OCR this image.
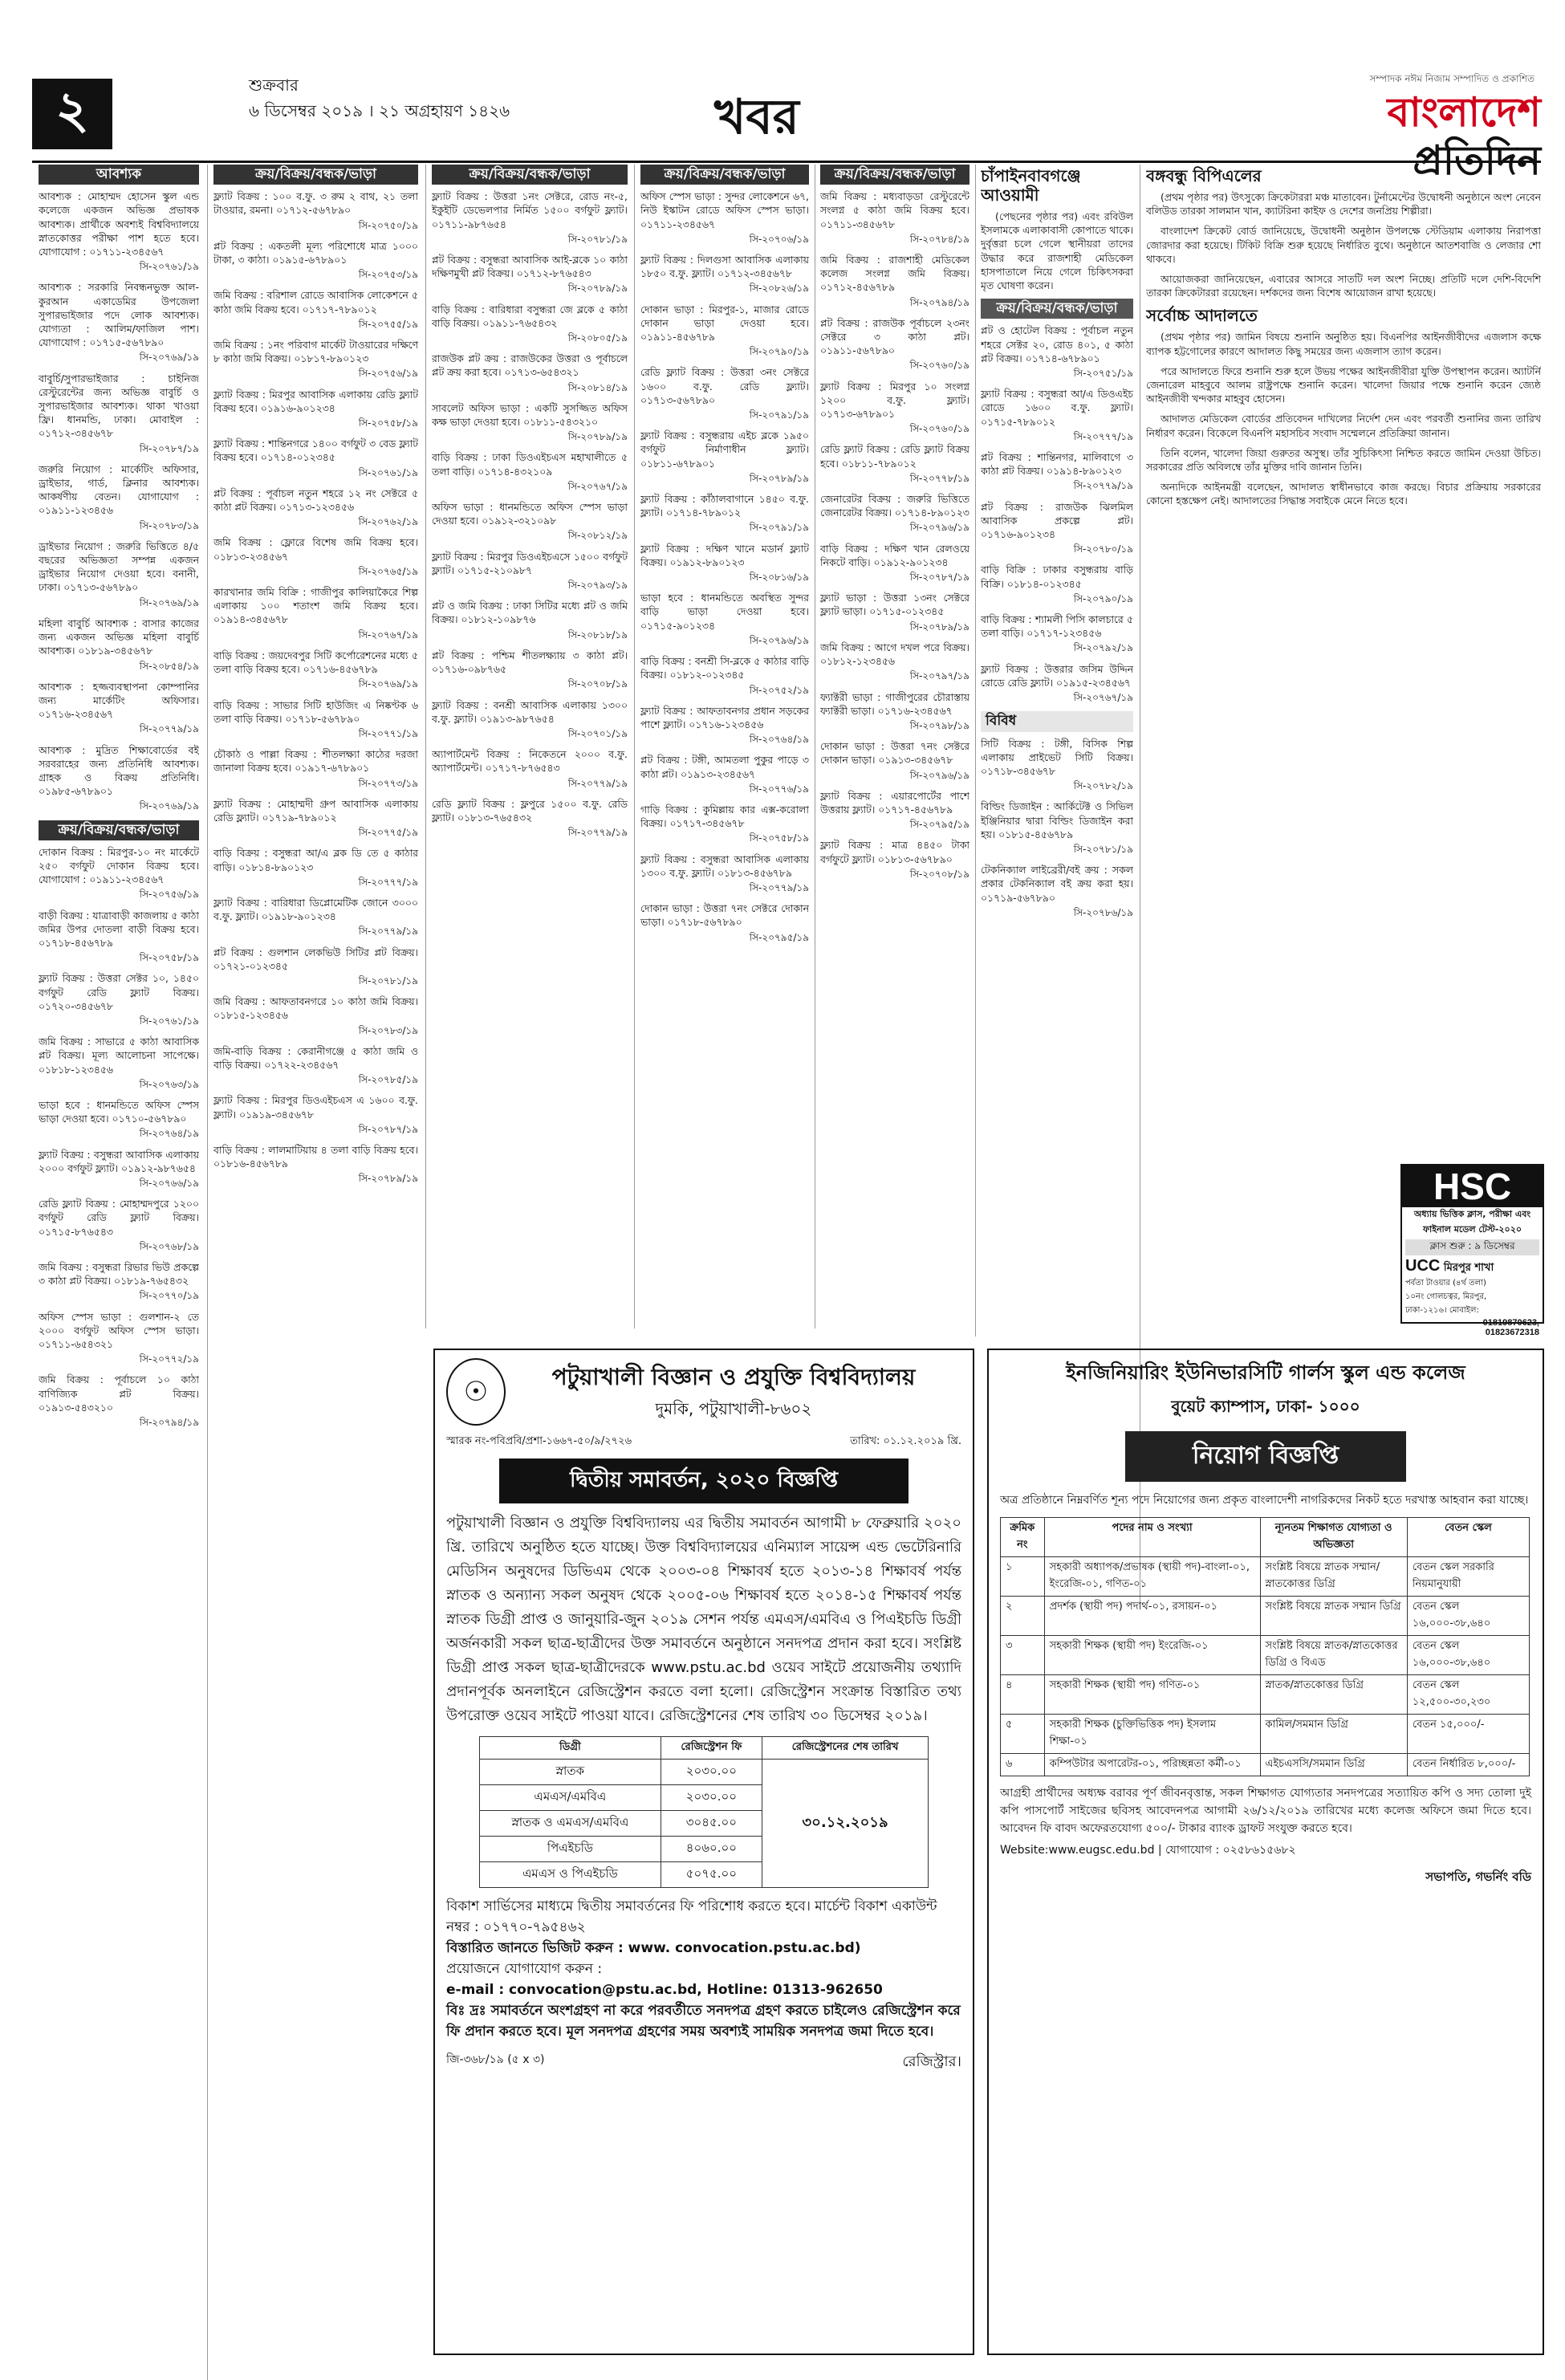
২	শুক্রবার
৬ ডিসেম্বর ২০১৯ । ২১ অগ্রহায়ণ ১৪২৬	খবর
সম্পাদক নঈম নিজাম সম্পাদিত ও প্রকাশিত
বাংলাদেশ প্রতিদিন
আবশ্যক
আবশ্যক : মোহাম্মদ হোসেন স্কুল এন্ড কলেজে একজন অভিজ্ঞ প্রভাষক আবশ্যক। প্রার্থীকে অবশ্যই বিশ্ববিদ্যালয়ে স্নাতকোত্তর পরীক্ষা পাশ হতে হবে। যোগাযোগ : ০১৭১১-২৩৪৫৬৭
সি-২০৭৬১/১৯
আবশ্যক : সরকারি নিবন্ধনভুক্ত আল-কুরআন একাডেমির উপজেলা সুপারভাইজার পদে লোক আবশ্যক। যোগ্যতা : আলিম/ফাজিল পাশ। যোগাযোগ : ০১৭১৫-৫৬৭৮৯০
সি-২০৭৬৯/১৯
বাবুর্চি/সুপারভাইজার : চাইনিজ রেস্টুরেন্টের জন্য অভিজ্ঞ বাবুর্চি ও সুপারভাইজার আবশ্যক। থাকা খাওয়া ফ্রি। ধানমন্ডি, ঢাকা। মোবাইল : ০১৭১২-৩৪৫৬৭৮
সি-২০৭৮৭/১৯
জরুরি নিয়োগ : মার্কেটিং অফিসার, ড্রাইভার, গার্ড, ক্লিনার আবশ্যক। আকর্ষণীয় বেতন। যোগাযোগ : ০১৯১১-১২৩৪৫৬
সি-২০৭৮৩/১৯
ড্রাইভার নিয়োগ : জরুরি ভিত্তিতে ৪/৫ বছরের অভিজ্ঞতা সম্পন্ন একজন ড্রাইভার নিয়োগ দেওয়া হবে। বনানী, ঢাকা। ০১৭১৩-৫৬৭৮৯০
সি-২০৭৬৯/১৯
মহিলা বাবুর্চি আবশ্যক : বাসার কাজের জন্য একজন অভিজ্ঞ মহিলা বাবুর্চি আবশ্যক। ০১৮১৯-৩৪৫৬৭৮
সি-২০৮৫৪/১৯
আবশ্যক : হজ্জব্যবস্থাপনা কোম্পানির জন্য মার্কেটিং অফিসার। ০১৭১৬-২৩৪৫৬৭
সি-২০৭৭৯/১৯
আবশ্যক : মুদ্রিত শিক্ষাবোর্ডের বই সরবরাহের জন্য প্রতিনিধি আবশ্যক। গ্রাহক ও বিক্রয় প্রতিনিধি। ০১৯৮৫-৬৭৮৯০১
সি-২০৭৬৯/১৯
ক্রয়/বিক্রয়/বন্ধক/ভাড়া
দোকান বিক্রয় : মিরপুর-১০ নং মার্কেটে ২৫০ বর্গফুট দোকান বিক্রয় হবে। যোগাযোগ : ০১৯১১-২৩৪৫৬৭
সি-২০৭৫৬/১৯
বাড়ী বিক্রয় : যাত্রাবাড়ী কাজলায় ৫ কাঠা জমির উপর দোতলা বাড়ী বিক্রয় হবে। ০১৭১৮-৪৫৬৭৮৯
সি-২০৭৫৮/১৯
ফ্ল্যাট বিক্রয় : উত্তরা সেক্টর ১০, ১৪৫০ বর্গফুট রেডি ফ্ল্যাট বিক্রয়। ০১৭২০-৩৪৫৬৭৮
সি-২০৭৬১/১৯
জমি বিক্রয় : সাভারে ৫ কাঠা আবাসিক প্লট বিক্রয়। মূল্য আলোচনা সাপেক্ষে। ০১৮১৮-১২৩৪৫৬
সি-২০৭৬৩/১৯
ভাড়া হবে : ধানমন্ডিতে অফিস স্পেস ভাড়া দেওয়া হবে। ০১৭১০-৫৬৭৮৯০
সি-২০৭৬৪/১৯
ফ্ল্যাট বিক্রয় : বসুন্ধরা আবাসিক এলাকায় ২০০০ বর্গফুট ফ্ল্যাট। ০১৯১২-৯৮৭৬৫৪
সি-২০৭৬৬/১৯
রেডি ফ্ল্যাট বিক্রয় : মোহাম্মদপুরে ১২০০ বর্গফুট রেডি ফ্ল্যাট বিক্রয়। ০১৭১৫-৮৭৬৫৪৩
সি-২০৭৬৮/১৯
জমি বিক্রয় : বসুন্ধরা রিভার ভিউ প্রকল্পে ৩ কাঠা প্লট বিক্রয়। ০১৮১৯-৭৬৫৪৩২
সি-২০৭৭০/১৯
অফিস স্পেস ভাড়া : গুলশান-২ তে ২০০০ বর্গফুট অফিস স্পেস ভাড়া। ০১৭১১-৬৫৪৩২১
সি-২০৭৭২/১৯
জমি বিক্রয় : পূর্বাচলে ১০ কাঠা বাণিজ্যিক প্লট বিক্রয়। ০১৯১৩-৫৪৩২১০
সি-২০৭৯৪/১৯
ক্রয়/বিক্রয়/বন্ধক/ভাড়া
ফ্ল্যাট বিক্রয় : ১০০ ব.ফু. ৩ রুম ২ বাথ, ২১ তলা টাওয়ার, রমনা। ০১৭১২-৫৬৭৮৯০
সি-২০৭৫০/১৯
প্লট বিক্রয় : একতলী মূল্য পরিশোধে মাত্র ১০০০ টাকা, ৩ কাঠা। ০১৯১৫-৬৭৮৯০১
সি-২০৭৫৩/১৯
জমি বিক্রয় : বরিশাল রোডে আবাসিক লোকেশনে ৫ কাঠা জমি বিক্রয় হবে। ০১৭১৭-৭৮৯০১২
সি-২০৭৫৫/১৯
জমি বিক্রয় : ১নং পরিবাগ মার্কেট টাওয়ারের দক্ষিণে ৮ কাঠা জমি বিক্রয়। ০১৮১৭-৮৯০১২৩
সি-২০৭৫৬/১৯
ফ্ল্যাট বিক্রয় : মিরপুর আবাসিক এলাকায় রেডি ফ্ল্যাট বিক্রয় হবে। ০১৯১৬-৯০১২৩৪
সি-২০৭৫৮/১৯
ফ্ল্যাট বিক্রয় : শান্তিনগরে ১৪০০ বর্গফুট ৩ বেড ফ্ল্যাট বিক্রয় হবে। ০১৭১৪-০১২৩৪৫
সি-২০৭৬১/১৯
প্লট বিক্রয় : পূর্বাচল নতুন শহরে ১২ নং সেক্টরে ৫ কাঠা প্লট বিক্রয়। ০১৭১৩-১২৩৪৫৬
সি-২০৭৬২/১৯
জমি বিক্রয় : ফ্লোরে বিশেষ জমি বিক্রয় হবে। ০১৮১৩-২৩৪৫৬৭
সি-২০৭৬৫/১৯
কারখানার জমি বিক্রি : গাজীপুর কালিয়াকৈরে শিল্প এলাকায় ১০০ শতাংশ জমি বিক্রয় হবে। ০১৯১৪-৩৪৫৬৭৮
সি-২০৭৬৭/১৯
বাড়ি বিক্রয় : জয়দেবপুর সিটি কর্পোরেশনের মধ্যে ৫ তলা বাড়ি বিক্রয় হবে। ০১৭১৬-৪৫৬৭৮৯
সি-২০৭৬৯/১৯
বাড়ি বিক্রয় : সাভার সিটি হাউজিং এ নিষ্কণ্টক ৬ তলা বাড়ি বিক্রয়। ০১৭১৮-৫৬৭৮৯০
সি-২০৭৭১/১৯
চৌকাঠ ও পাল্লা বিক্রয় : শীতলক্ষ্যা কাঠের দরজা জানালা বিক্রয় হবে। ০১৯১৭-৬৭৮৯০১
সি-২০৭৭৩/১৯
ফ্ল্যাট বিক্রয় : মোহাম্মদী গ্রুপ আবাসিক এলাকায় রেডি ফ্ল্যাট। ০১৭১৯-৭৮৯০১২
সি-২০৭৭৫/১৯
বাড়ি বিক্রয় : বসুন্ধরা আ/এ ব্লক ডি তে ৫ কাঠার বাড়ি। ০১৮১৪-৮৯০১২৩
সি-২০৭৭৭/১৯
ফ্ল্যাট বিক্রয় : বারিধারা ডিপ্লোমেটিক জোনে ৩০০০ ব.ফু. ফ্ল্যাট। ০১৯১৮-৯০১২৩৪
সি-২০৭৭৯/১৯
প্লট বিক্রয় : গুলশান লেকভিউ সিটির প্লট বিক্রয়। ০১৭২১-০১২৩৪৫
সি-২০৭৮১/১৯
জমি বিক্রয় : আফতাবনগরে ১০ কাঠা জমি বিক্রয়। ০১৮১৫-১২৩৪৫৬
সি-২০৭৮৩/১৯
জমি-বাড়ি বিক্রয় : কেরানীগঞ্জে ৫ কাঠা জমি ও বাড়ি বিক্রয়। ০১৭২২-২৩৪৫৬৭
সি-২০৭৮৫/১৯
ফ্ল্যাট বিক্রয় : মিরপুর ডিওএইচএস এ ১৬০০ ব.ফু. ফ্ল্যাট। ০১৯১৯-৩৪৫৬৭৮
সি-২০৭৮৭/১৯
বাড়ি বিক্রয় : লালমাটিয়ায় ৪ তলা বাড়ি বিক্রয় হবে। ০১৮১৬-৪৫৬৭৮৯
সি-২০৭৮৯/১৯
ক্রয়/বিক্রয়/বন্ধক/ভাড়া
ফ্ল্যাট বিক্রয় : উত্তরা ১নং সেক্টরে, রোড নং-৫, ইকুইটি ডেভেলপার নির্মিত ১৫০০ বর্গফুট ফ্ল্যাট। ০১৭১১-৯৮৭৬৫৪
সি-২০৭৮১/১৯
প্লট বিক্রয় : বসুন্ধরা আবাসিক আই-ব্লকে ১০ কাঠা দক্ষিণমুখী প্লট বিক্রয়। ০১৭১২-৮৭৬৫৪৩
সি-২০৭৮৯/১৯
বাড়ি বিক্রয় : বারিধারা বসুন্ধরা জে ব্লকে ৫ কাঠা বাড়ি বিক্রয়। ০১৯১১-৭৬৫৪৩২
সি-২০৮০৫/১৯
রাজউক প্লট ক্রয় : রাজউকের উত্তরা ও পূর্বাচলে প্লট ক্রয় করা হবে। ০১৭১৩-৬৫৪৩২১
সি-২০৮১৪/১৯
সাবলেট অফিস ভাড়া : একটি সুসজ্জিত অফিস কক্ষ ভাড়া দেওয়া হবে। ০১৮১১-৫৪৩২১০
সি-২০৭৮৯/১৯
বাড়ি বিক্রয় : ঢাকা ডিওএইচএস মহাখালীতে ৫ তলা বাড়ি। ০১৭১৪-৪৩২১০৯
সি-২০৭৬৭/১৯
অফিস ভাড়া : ধানমন্ডিতে অফিস স্পেস ভাড়া দেওয়া হবে। ০১৯১২-৩২১০৯৮
সি-২০৮১২/১৯
ফ্ল্যাট বিক্রয় : মিরপুর ডিওএইচএসে ১৫০০ বর্গফুট ফ্ল্যাট। ০১৭১৫-২১০৯৮৭
সি-২০৭৯৩/১৯
প্লট ও জমি বিক্রয় : ঢাকা সিটির মধ্যে প্লট ও জমি বিক্রয়। ০১৮১২-১০৯৮৭৬
সি-২০৮১৮/১৯
প্লট বিক্রয় : পশ্চিম শীতলক্ষ্যায় ৩ কাঠা প্লট। ০১৭১৬-০৯৮৭৬৫
সি-২০৭০৮/১৯
ফ্ল্যাট বিক্রয় : বনশ্রী আবাসিক এলাকায় ১৩০০ ব.ফু. ফ্ল্যাট। ০১৯১৩-৯৮৭৬৫৪
সি-২০৭০১/১৯
অ্যাপার্টমেন্ট বিক্রয় : নিকেতনে ২০০০ ব.ফু. অ্যাপার্টমেন্ট। ০১৭১৭-৮৭৬৫৪৩
সি-২০৭৭৯/১৯
রেডি ফ্ল্যাট বিক্রয় : ফ্লপুরে ১৫০০ ব.ফু. রেডি ফ্ল্যাট। ০১৮১৩-৭৬৫৪৩২
সি-২০৭৭৯/১৯
ক্রয়/বিক্রয়/বন্ধক/ভাড়া
অফিস স্পেস ভাড়া : সুন্দর লোকেশনে ৬৭, নিউ ইস্কাটন রোডে অফিস স্পেস ভাড়া। ০১৭১১-২৩৪৫৬৭
সি-২০৭০৬/১৯
ফ্ল্যাট বিক্রয় : দিলগুসা আবাসিক এলাকায় ১৮৫০ ব.ফু. ফ্ল্যাট। ০১৭১২-৩৪৫৬৭৮
সি-২০৮২৬/১৯
দোকান ভাড়া : মিরপুর-১, মাজার রোডে দোকান ভাড়া দেওয়া হবে। ০১৯১১-৪৫৬৭৮৯
সি-২০৭৯০/১৯
রেডি ফ্ল্যাট বিক্রয় : উত্তরা ৩নং সেক্টরে ১৬০০ ব.ফু. রেডি ফ্ল্যাট। ০১৭১৩-৫৬৭৮৯০
সি-২০৭৯১/১৯
ফ্ল্যাট বিক্রয় : বসুন্ধরায় এইচ ব্লকে ১৯৫০ বর্গফুট নির্মাণাধীন ফ্ল্যাট। ০১৮১১-৬৭৮৯০১
সি-২০৭৮৯/১৯
ফ্ল্যাট বিক্রয় : কাঁঠালবাগানে ১৪৫০ ব.ফু. ফ্ল্যাট। ০১৭১৪-৭৮৯০১২
সি-২০৭৯১/১৯
ফ্ল্যাট বিক্রয় : দক্ষিণ খানে মডার্ন ফ্ল্যাট বিক্রয়। ০১৯১২-৮৯০১২৩
সি-২০৮১৬/১৯
ভাড়া হবে : ধানমন্ডিতে অবস্থিত সুন্দর বাড়ি ভাড়া দেওয়া হবে। ০১৭১৫-৯০১২৩৪
সি-২০৭৯৬/১৯
বাড়ি বিক্রয় : বনশ্রী সি-ব্লকে ৫ কাঠার বাড়ি বিক্রয়। ০১৮১২-০১২৩৪৫
সি-২০৭৫২/১৯
ফ্ল্যাট বিক্রয় : আফতাবনগর প্রধান সড়কের পাশে ফ্ল্যাট। ০১৭১৬-১২৩৪৫৬
সি-২০৭৬৪/১৯
প্লট বিক্রয় : টঙ্গী, আমতলা পুকুর পাড়ে ৩ কাঠা প্লট। ০১৯১৩-২৩৪৫৬৭
সি-২০৭৭৬/১৯
গাড়ি বিক্রয় : কুমিল্লায় কার এক্স-করোলা বিক্রয়। ০১৭১৭-৩৪৫৬৭৮
সি-২০৭৫৮/১৯
ফ্ল্যাট বিক্রয় : বসুন্ধরা আবাসিক এলাকায় ১৩০০ ব.ফু. ফ্ল্যাট। ০১৮১৩-৪৫৬৭৮৯
সি-২০৭৭৯/১৯
দোকান ভাড়া : উত্তরা ৭নং সেক্টরে দোকান ভাড়া। ০১৭১৮-৫৬৭৮৯০
সি-২০৭৯৫/১৯
ক্রয়/বিক্রয়/বন্ধক/ভাড়া
জমি বিক্রয় : মধ্যবাড়ডা রেস্টুরেন্টে সংলগ্ন ৫ কাঠা জমি বিক্রয় হবে। ০১৭১১-৩৪৫৬৭৮
সি-২০৭৮৪/১৯
জমি বিক্রয় : রাজশাহী মেডিকেল কলেজ সংলগ্ন জমি বিক্রয়। ০১৭১২-৪৫৬৭৮৯
সি-২০৭৯৪/১৯
প্লট বিক্রয় : রাজউক পূর্বাচলে ২৩নং সেক্টরে ৩ কাঠা প্লট। ০১৯১১-৫৬৭৮৯০
সি-২০৭৬০/১৯
ফ্ল্যাট বিক্রয় : মিরপুর ১০ সংলগ্ন ১২০০ ব.ফু. ফ্ল্যাট। ০১৭১৩-৬৭৮৯০১
সি-২০৭৬০/১৯
রেডি ফ্ল্যাট বিক্রয় : রেডি ফ্ল্যাট বিক্রয় হবে। ০১৮১১-৭৮৯০১২
সি-২০৭৭৮/১৯
জেনারেটর বিক্রয় : জরুরি ভিত্তিতে জেনারেটর বিক্রয়। ০১৭১৪-৮৯০১২৩
সি-২০৭৯৬/১৯
বাড়ি বিক্রয় : দক্ষিণ খান রেলওয়ে নিকটে বাড়ি। ০১৯১২-৯০১২৩৪
সি-২০৭৮৭/১৯
ফ্ল্যাট ভাড়া : উত্তরা ১৩নং সেক্টরে ফ্ল্যাট ভাড়া। ০১৭১৫-০১২৩৪৫
সি-২০৭৮৯/১৯
জমি বিক্রয় : আগে দখল পরে বিক্রয়। ০১৮১২-১২৩৪৫৬
সি-২০৭৯৭/১৯
ফ্যাক্টরী ভাড়া : গাজীপুরের চৌরাস্তায় ফ্যাক্টরী ভাড়া। ০১৭১৬-২৩৪৫৬৭
সি-২০৭৯৮/১৯
দোকান ভাড়া : উত্তরা ৭নং সেক্টরে দোকান ভাড়া। ০১৯১৩-৩৪৫৬৭৮
সি-২০৭৯৬/১৯
ফ্ল্যাট বিক্রয় : এয়ারপোর্টের পাশে উত্তরায় ফ্ল্যাট। ০১৭১৭-৪৫৬৭৮৯
সি-২০৭৯৫/১৯
ফ্ল্যাট বিক্রয় : মাত্র ৪৪৫০ টাকা বর্গফুটে ফ্ল্যাট। ০১৮১৩-৫৬৭৮৯০
সি-২০৭০৮/১৯
চাঁপাইনবাবগঞ্জে আওয়ামী
(পেছনের পৃষ্ঠার পর) এবং রবিউল ইসলামকে এলাকাবাসী কোপাতে থাকে। দুর্বৃত্তরা চলে গেলে স্থানীয়রা তাদের উদ্ধার করে রাজশাহী মেডিকেল হাসপাতালে নিয়ে গেলে চিকিৎসকরা মৃত ঘোষণা করেন।
ক্রয়/বিক্রয়/বন্ধক/ভাড়া
প্লট ও হোটেল বিক্রয় : পূর্বাচল নতুন শহরে সেক্টর ২০, রোড ৪০১, ৫ কাঠা প্লট বিক্রয়। ০১৭১৪-৬৭৮৯০১
সি-২০৭৫১/১৯
ফ্ল্যাট বিক্রয় : বসুন্ধরা আ/এ ডিওএইচ রোডে ১৬০০ ব.ফু. ফ্ল্যাট। ০১৭১৫-৭৮৯০১২
সি-২০৭৭৭/১৯
প্লট বিক্রয় : শান্তিনগর, মালিবাগে ৩ কাঠা প্লট বিক্রয়। ০১৯১৪-৮৯০১২৩
সি-২০৭৭৯/১৯
প্লট বিক্রয় : রাজউক ঝিলমিল আবাসিক প্রকল্পে প্লট। ০১৭১৬-৯০১২৩৪
সি-২০৭৮০/১৯
বাড়ি বিক্রি : ঢাকার বসুন্ধরায় বাড়ি বিক্রি। ০১৮১৪-০১২৩৪৫
সি-২০৭৯০/১৯
বাড়ি বিক্রয় : শ্যামলী পিসি কালচারে ৫ তলা বাড়ি। ০১৭১৭-১২৩৪৫৬
সি-২০৭৯২/১৯
ফ্ল্যাট বিক্রয় : উত্তরার জসিম উদ্দিন রোডে রেডি ফ্ল্যাট। ০১৯১৫-২৩৪৫৬৭
সি-২০৭৬৭/১৯
বিবিধ
সিটি বিক্রয় : টঙ্গী, বিসিক শিল্প এলাকায় প্রাইভেট সিটি বিক্রয়। ০১৭১৮-৩৪৫৬৭৮
সি-২০৭৮২/১৯
বিল্ডিং ডিজাইন : আর্কিটেক্ট ও সিভিল ইঞ্জিনিয়ার দ্বারা বিল্ডিং ডিজাইন করা হয়। ০১৮১৫-৪৫৬৭৮৯
সি-২০৭৮১/১৯
টেকনিক্যাল লাইব্রেরী/বই ক্রয় : সকল প্রকার টেকনিক্যাল বই ক্রয় করা হয়। ০১৭১৯-৫৬৭৮৯০
সি-২০৭৮৬/১৯
বঙ্গবন্ধু বিপিএলের
(প্রথম পৃষ্ঠার পর) উৎসুক্যে ক্রিকেটাররা মঞ্চ মাতাবেন। টুর্নামেন্টের উদ্বোধনী অনুষ্ঠানে অংশ নেবেন বলিউড তারকা সালমান খান, ক্যাটরিনা কাইফ ও দেশের জনপ্রিয় শিল্পীরা।
বাংলাদেশ ক্রিকেট বোর্ড জানিয়েছে, উদ্বোধনী অনুষ্ঠান উপলক্ষে স্টেডিয়াম এলাকায় নিরাপত্তা জোরদার করা হয়েছে। টিকিট বিক্রি শুরু হয়েছে নির্ধারিত বুথে। অনুষ্ঠানে আতশবাজি ও লেজার শো থাকবে।
আয়োজকরা জানিয়েছেন, এবারের আসরে সাতটি দল অংশ নিচ্ছে। প্রতিটি দলে দেশি-বিদেশি তারকা ক্রিকেটাররা রয়েছেন। দর্শকদের জন্য বিশেষ আয়োজন রাখা হয়েছে।
সর্বোচ্চ আদালতে
(প্রথম পৃষ্ঠার পর) জামিন বিষয়ে শুনানি অনুষ্ঠিত হয়। বিএনপির আইনজীবীদের এজলাস কক্ষে ব্যাপক হট্টগোলের কারণে আদালত কিছু সময়ের জন্য এজলাস ত্যাগ করেন।
পরে আদালতে ফিরে শুনানি শুরু হলে উভয় পক্ষের আইনজীবীরা যুক্তি উপস্থাপন করেন। অ্যাটর্নি জেনারেল মাহবুবে আলম রাষ্ট্রপক্ষে শুনানি করেন। খালেদা জিয়ার পক্ষে শুনানি করেন জ্যেষ্ঠ আইনজীবী খন্দকার মাহবুব হোসেন।
আদালত মেডিকেল বোর্ডের প্রতিবেদন দাখিলের নির্দেশ দেন এবং পরবর্তী শুনানির জন্য তারিখ নির্ধারণ করেন। বিকেলে বিএনপি মহাসচিব সংবাদ সম্মেলনে প্রতিক্রিয়া জানান।
তিনি বলেন, খালেদা জিয়া গুরুতর অসুস্থ। তাঁর সুচিকিৎসা নিশ্চিত করতে জামিন দেওয়া উচিত। সরকারের প্রতি অবিলম্বে তাঁর মুক্তির দাবি জানান তিনি।
অন্যদিকে আইনমন্ত্রী বলেছেন, আদালত স্বাধীনভাবে কাজ করছে। বিচার প্রক্রিয়ায় সরকারের কোনো হস্তক্ষেপ নেই। আদালতের সিদ্ধান্ত সবাইকে মেনে নিতে হবে।
HSC
অধ্যায় ভিত্তিক ক্লাস, পরীক্ষা এবং
ফাইনাল মডেল টেস্ট-২০২০
ক্লাস শুরু : ৯ ডিসেম্বর
UCC মিরপুর শাখা
পর্বতা টাওয়ার (৪র্থ তলা)
১০নং গোলচত্বর, মিরপুর,
ঢাকা-১২১৬। মোবাইল:
01819870623,
01823672318
☉	পটুয়াখালী বিজ্ঞান ও প্রযুক্তি বিশ্ববিদ্যালয়
দুমকি, পটুয়াখালী-৮৬০২
স্মারক নং-পবিপ্রবি/প্রশা-১৬৬৭-৫০/৯/২৭২৬	তারিখ: ০১.১২.২০১৯ খ্রি.
দ্বিতীয় সমাবর্তন, ২০২০ বিজ্ঞপ্তি
পটুয়াখালী বিজ্ঞান ও প্রযুক্তি বিশ্ববিদ্যালয় এর দ্বিতীয় সমাবর্তন আগামী ৮ ফেব্রুয়ারি ২০২০ খ্রি. তারিখে অনুষ্ঠিত হতে যাচ্ছে। উক্ত বিশ্ববিদ্যালয়ের এনিম্যাল সায়েন্স এন্ড ভেটেরিনারি মেডিসিন অনুষদের ডিভিএম থেকে ২০০৩-০৪ শিক্ষাবর্ষ হতে ২০১৩-১৪ শিক্ষাবর্ষ পর্যন্ত স্নাতক ও অন্যান্য সকল অনুষদ থেকে ২০০৫-০৬ শিক্ষাবর্ষ হতে ২০১৪-১৫ শিক্ষাবর্ষ পর্যন্ত স্নাতক ডিগ্রী প্রাপ্ত ও জানুয়ারি-জুন ২০১৯ সেশন পর্যন্ত এমএস/এমবিএ ও পিএইচডি ডিগ্রী অর্জনকারী সকল ছাত্র-ছাত্রীদের উক্ত সমাবর্তনে অনুষ্ঠানে সনদপত্র প্রদান করা হবে। সংশ্লিষ্ট ডিগ্রী প্রাপ্ত সকল ছাত্র-ছাত্রীদেরকে www.pstu.ac.bd ওয়েব সাইটে প্রয়োজনীয় তথ্যাদি প্রদানপূর্বক অনলাইনে রেজিস্ট্রেশন করতে বলা হলো। রেজিস্ট্রেশন সংক্রান্ত বিস্তারিত তথ্য উপরোক্ত ওয়েব সাইটে পাওয়া যাবে। রেজিস্ট্রেশনের শেষ তারিখ ৩০ ডিসেম্বর ২০১৯।
ডিগ্রী	রেজিস্ট্রেশন ফি	রেজিস্ট্রেশনের শেষ তারিখ
স্নাতক	২০৩০.০০	৩০.১২.২০১৯
এমএস/এমবিএ	২০৩০.০০	
স্নাতক ও এমএস/এমবিএ	৩০৪৫.০০	
পিএইচডি	৪০৬০.০০	
এমএস ও পিএইচডি	৫০৭৫.০০	
বিকাশ সার্ভিসের মাধ্যমে দ্বিতীয় সমাবর্তনের ফি পরিশোধ করতে হবে। মার্চেন্ট বিকাশ একাউন্ট নম্বর : ০১৭৭০-৭৯৫৪৬২
বিস্তারিত জানতে ভিজিট করুন : www. convocation.pstu.ac.bd)
প্রয়োজনে যোগাযোগ করুন :
e-mail : convocation@pstu.ac.bd, Hotline: 01313-962650
বিঃ দ্রঃ সমাবর্তনে অংশগ্রহণ না করে পরবর্তীতে সনদপত্র গ্রহণ করতে চাইলেও রেজিস্ট্রেশন করে ফি প্রদান করতে হবে। মূল সনদপত্র গ্রহণের সময় অবশ্যই সাময়িক সনদপত্র জমা দিতে হবে।
জি-৩৬৮/১৯ (৫ x ৩)	রেজিস্ট্রার।
ইনজিনিয়ারিং ইউনিভারসিটি গার্লস স্কুল এন্ড কলেজ
বুয়েট ক্যাম্পাস, ঢাকা- ১০০০
নিয়োগ বিজ্ঞপ্তি
অত্র প্রতিষ্ঠানে নিম্নবর্ণিত শূন্য পদে নিয়োগের জন্য প্রকৃত বাংলাদেশী নাগরিকদের নিকট হতে দরখাস্ত আহবান করা যাচ্ছে।
ক্রমিক নং	পদের নাম ও সংখ্যা	ন্যূনতম শিক্ষাগত যোগ্যতা ও অভিজ্ঞতা	বেতন স্কেল
১	সহকারী অধ্যাপক/প্রভাষক (স্থায়ী পদ)-বাংলা-০১, ইংরেজি-০১, গণিত-০১	সংশ্লিষ্ট বিষয়ে স্নাতক সম্মান/স্নাতকোত্তর ডিগ্রি	বেতন স্কেল সরকারি নিয়মানুযায়ী
২	প্রদর্শক (স্থায়ী পদ) পদার্থ-০১, রসায়ন-০১	সংশ্লিষ্ট বিষয়ে স্নাতক সম্মান ডিগ্রি	বেতন স্কেল ১৬,০০০-৩৮,৬৪০
৩	সহকারী শিক্ষক (স্থায়ী পদ) ইংরেজি-০১	সংশ্লিষ্ট বিষয়ে স্নাতক/স্নাতকোত্তর ডিগ্রি ও বিএড	বেতন স্কেল ১৬,০০০-৩৮,৬৪০
৪	সহকারী শিক্ষক (স্থায়ী পদ) গণিত-০১	স্নাতক/স্নাতকোত্তর ডিগ্রি	বেতন স্কেল ১২,৫০০-৩০,২৩০
৫	সহকারী শিক্ষক (চুক্তিভিত্তিক পদ) ইসলাম শিক্ষা-০১	কামিল/সমমান ডিগ্রি	বেতন ১৫,০০০/-
৬	কম্পিউটার অপারেটর-০১, পরিচ্ছন্নতা কর্মী-০১	এইচএসসি/সমমান ডিগ্রি	বেতন নির্ধারিত ৮,০০০/-
আগ্রহী প্রার্থীদের অধ্যক্ষ বরাবর পূর্ণ জীবনবৃত্তান্ত, সকল শিক্ষাগত যোগ্যতার সনদপত্রের সত্যায়িত কপি ও সদ্য তোলা দুই কপি পাসপোর্ট সাইজের ছবিসহ আবেদনপত্র আগামী ২৬/১২/২০১৯ তারিখের মধ্যে কলেজ অফিসে জমা দিতে হবে। আবেদন ফি বাবদ অফেরতযোগ্য ৫০০/- টাকার ব্যাংক ড্রাফট সংযুক্ত করতে হবে।
Website:www.eugsc.edu.bd | যোগাযোগ : ০২৫৮৬১৫৬৮২
সভাপতি, গভর্নিং বডি
